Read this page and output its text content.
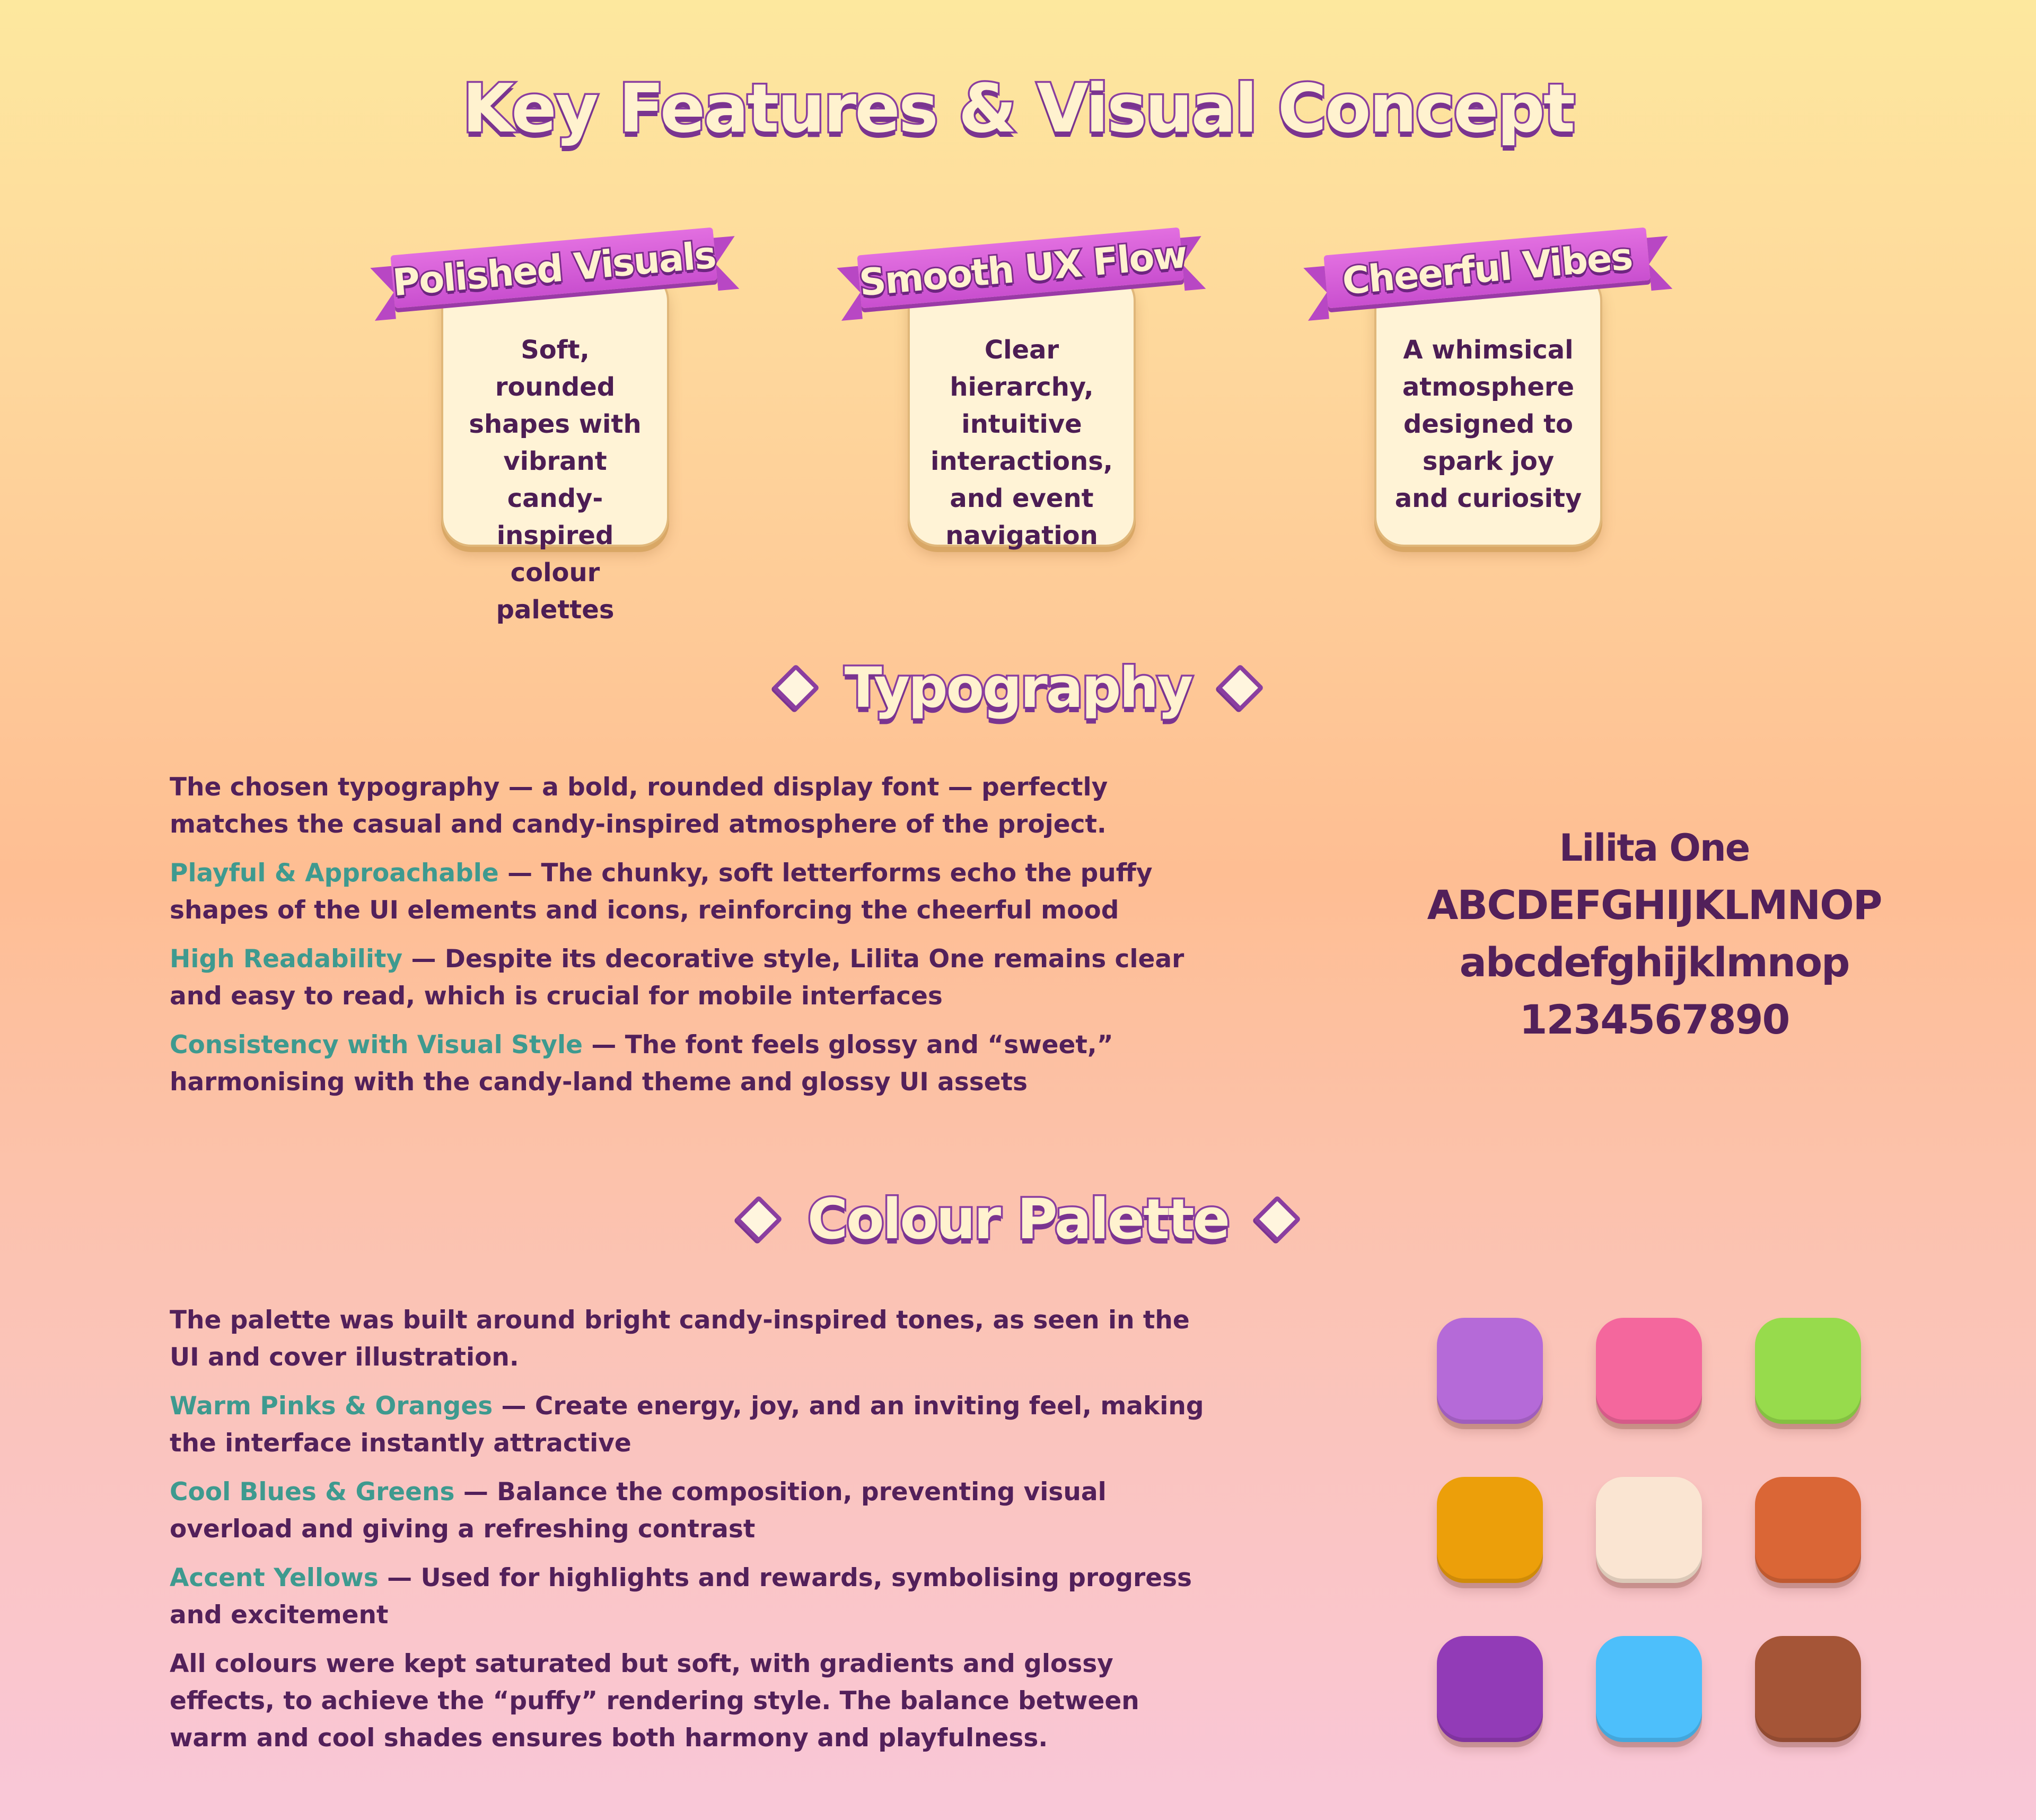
Key Features & Visual Concept
Soft, rounded shapes with vibrant candy-inspired colour palettes
Polished Visuals
Clear hierarchy, intuitive interactions, and event navigation
Smooth UX Flow
A whimsical atmosphere designed to spark joy and curiosity
Cheerful Vibes
Typography

The chosen typography — a bold, rounded display font — perfectly matches the casual and candy-inspired atmosphere of the project.

Playful & Approachable — The chunky, soft letterforms echo the puffy shapes of the UI elements and icons, reinforcing the cheerful mood

High Readability — Despite its decorative style, Lilita One remains clear and easy to read, which is crucial for mobile interfaces

Consistency with Visual Style — The font feels glossy and “sweet,” harmonising with the candy-land theme and glossy UI assets

Lilita One
ABCDEFGHIJKLMNOP
abcdefghijklmnop
1234567890
Colour Palette

The palette was built around bright candy-inspired tones, as seen in the UI and cover illustration.

Warm Pinks & Oranges — Create energy, joy, and an inviting feel, making the interface instantly attractive

Cool Blues & Greens — Balance the composition, preventing visual overload and giving a refreshing contrast

Accent Yellows — Used for highlights and rewards, symbolising progress and excitement

All colours were kept saturated but soft, with gradients and glossy effects, to achieve the “puffy” rendering style. The balance between warm and cool shades ensures both harmony and playfulness.
